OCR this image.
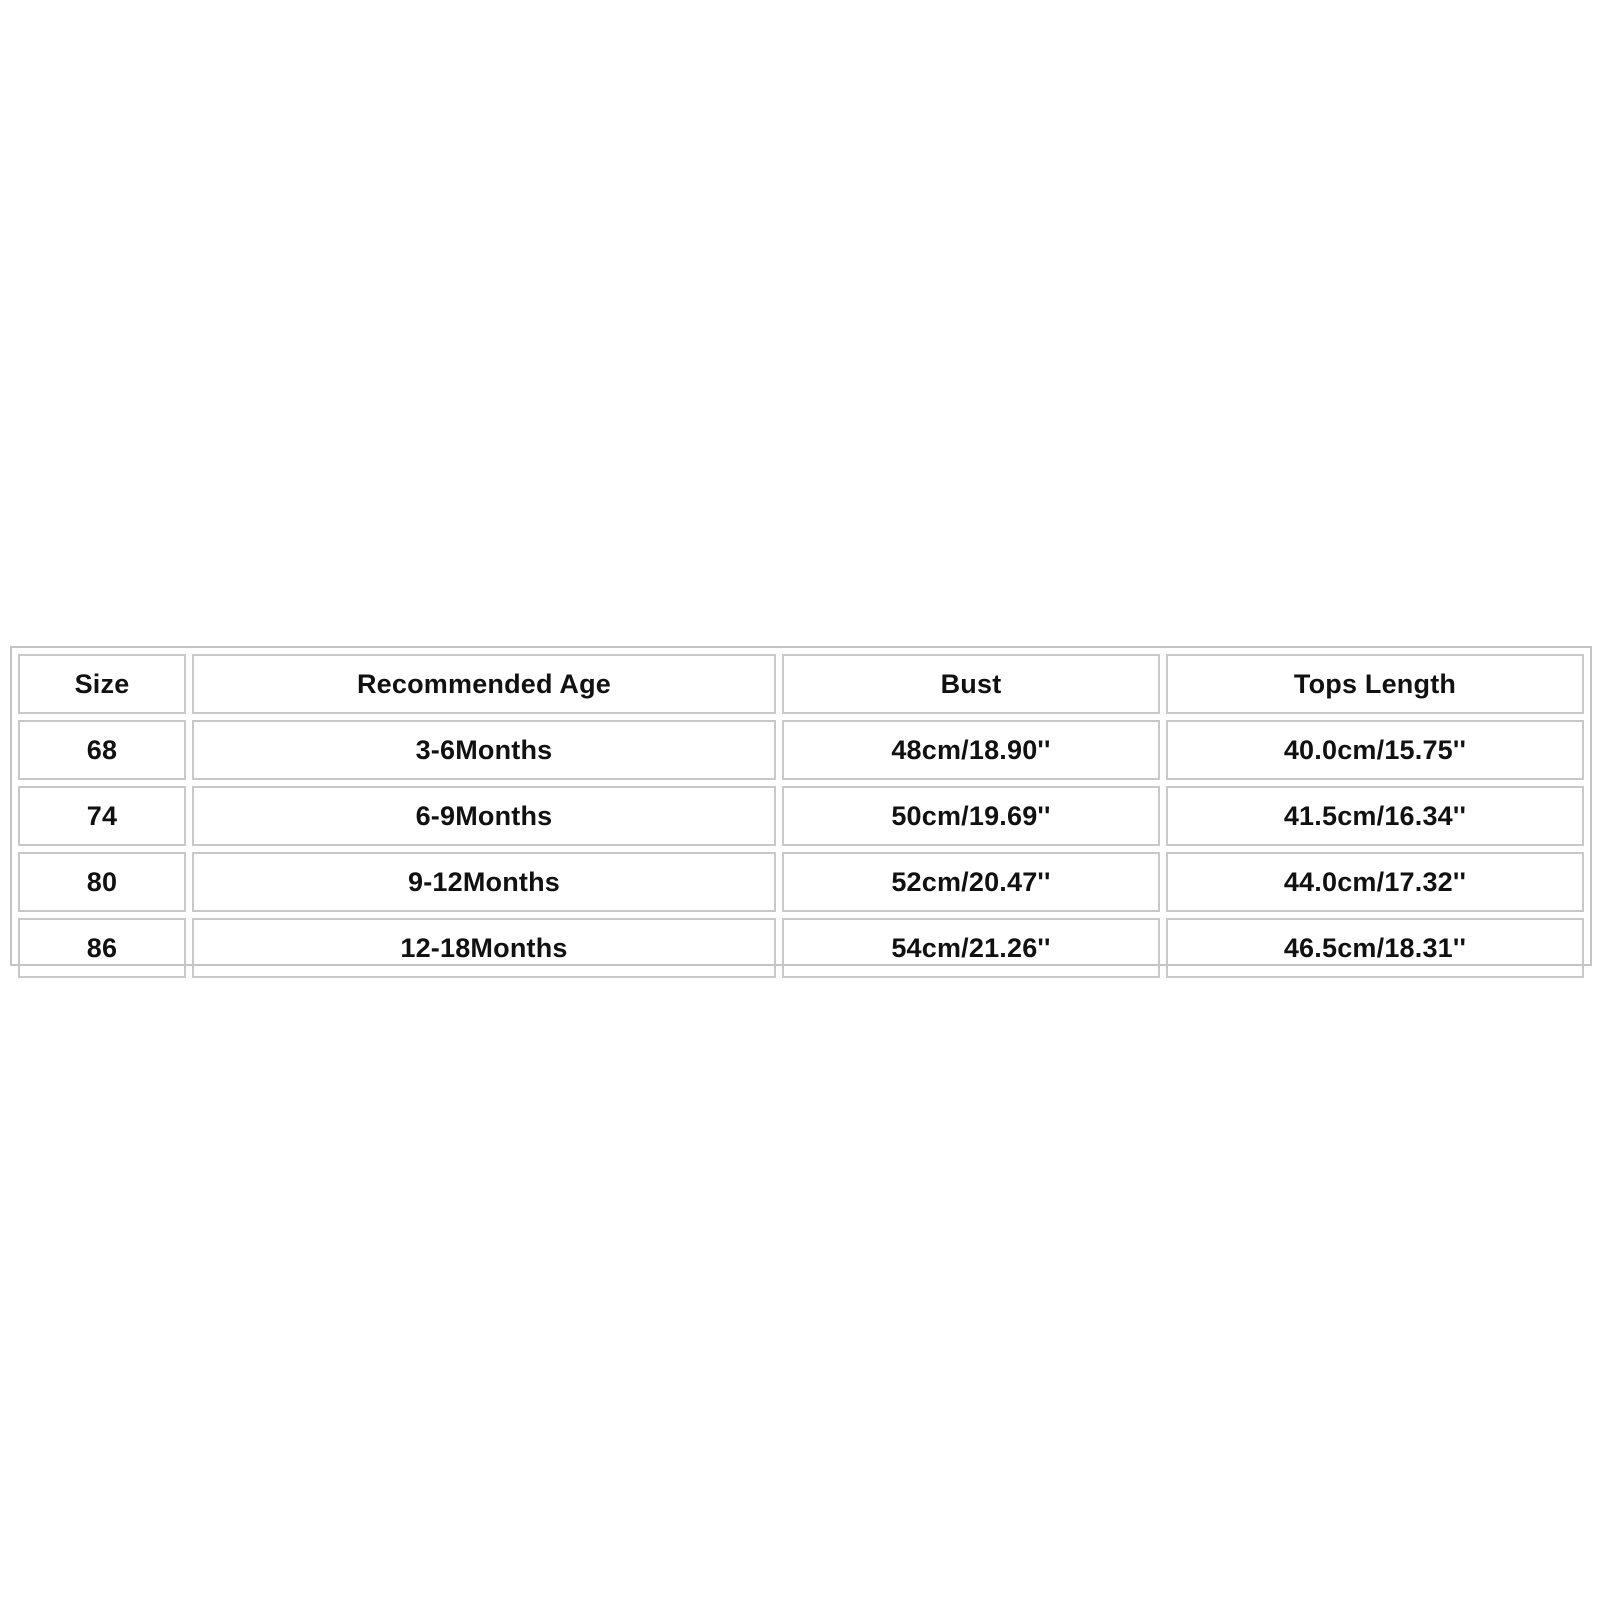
Size	Recommended Age	Bust	Tops Length
68	3-6Months	48cm/18.90''	40.0cm/15.75''
74	6-9Months	50cm/19.69''	41.5cm/16.34''
80	9-12Months	52cm/20.47''	44.0cm/17.32''
86	12-18Months	54cm/21.26''	46.5cm/18.31''
